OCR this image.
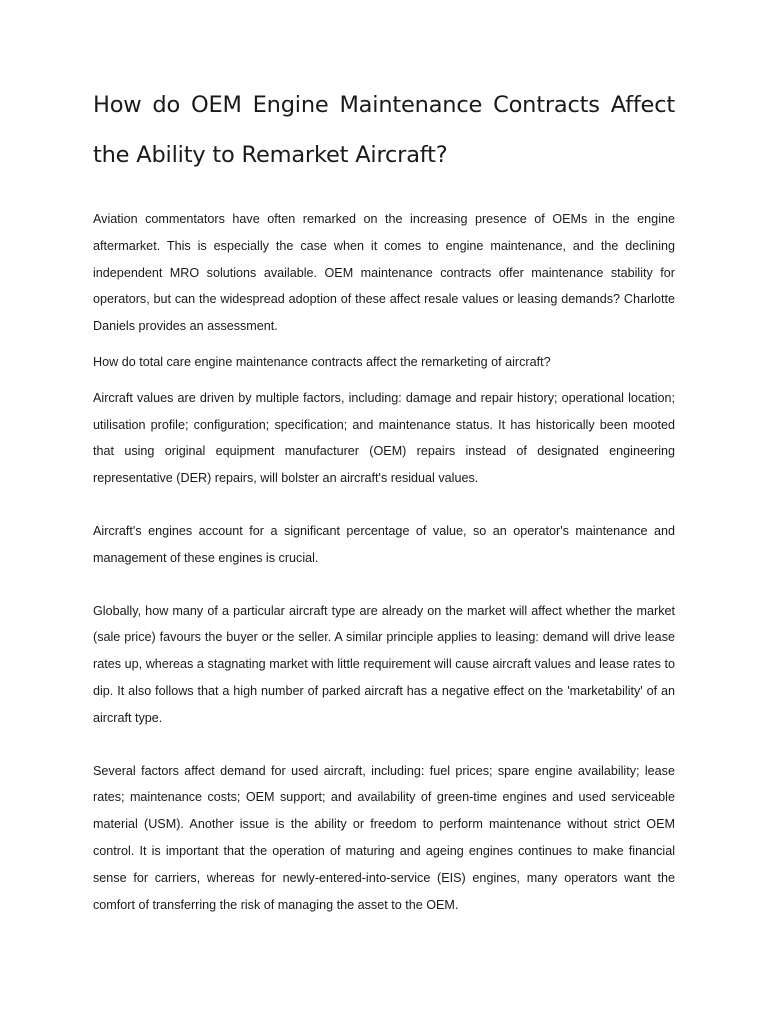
How do OEM Engine Maintenance Contracts Affect the Ability to Remarket Aircraft?

Aviation commentators have often remarked on the increasing presence of OEMs in the engine aftermarket. This is especially the case when it comes to engine maintenance, and the declining independent MRO solutions available. OEM maintenance contracts offer maintenance stability for operators, but can the widespread adoption of these affect resale values or leasing demands? Charlotte Daniels provides an assessment.

How do total care engine maintenance contracts affect the remarketing of aircraft?

Aircraft values are driven by multiple factors, including: damage and repair history; operational location; utilisation profile; configuration; specification; and maintenance status. It has historically been mooted that using original equipment manufacturer (OEM) repairs instead of designated engineering representative (DER) repairs, will bolster an aircraft's residual values.

Aircraft's engines account for a significant percentage of value, so an operator's maintenance and management of these engines is crucial.

Globally, how many of a particular aircraft type are already on the market will affect whether the market (sale price) favours the buyer or the seller. A similar principle applies to leasing: demand will drive lease rates up, whereas a stagnating market with little requirement will cause aircraft values and lease rates to dip. It also follows that a high number of parked aircraft has a negative effect on the 'marketability' of an aircraft type.

Several factors affect demand for used aircraft, including: fuel prices; spare engine availability; lease rates; maintenance costs; OEM support; and availability of green-time engines and used serviceable material (USM). Another issue is the ability or freedom to perform maintenance without strict OEM control. It is important that the operation of maturing and ageing engines continues to make financial sense for carriers, whereas for newly-entered-into-service (EIS) engines, many operators want the comfort of transferring the risk of managing the asset to the OEM.
